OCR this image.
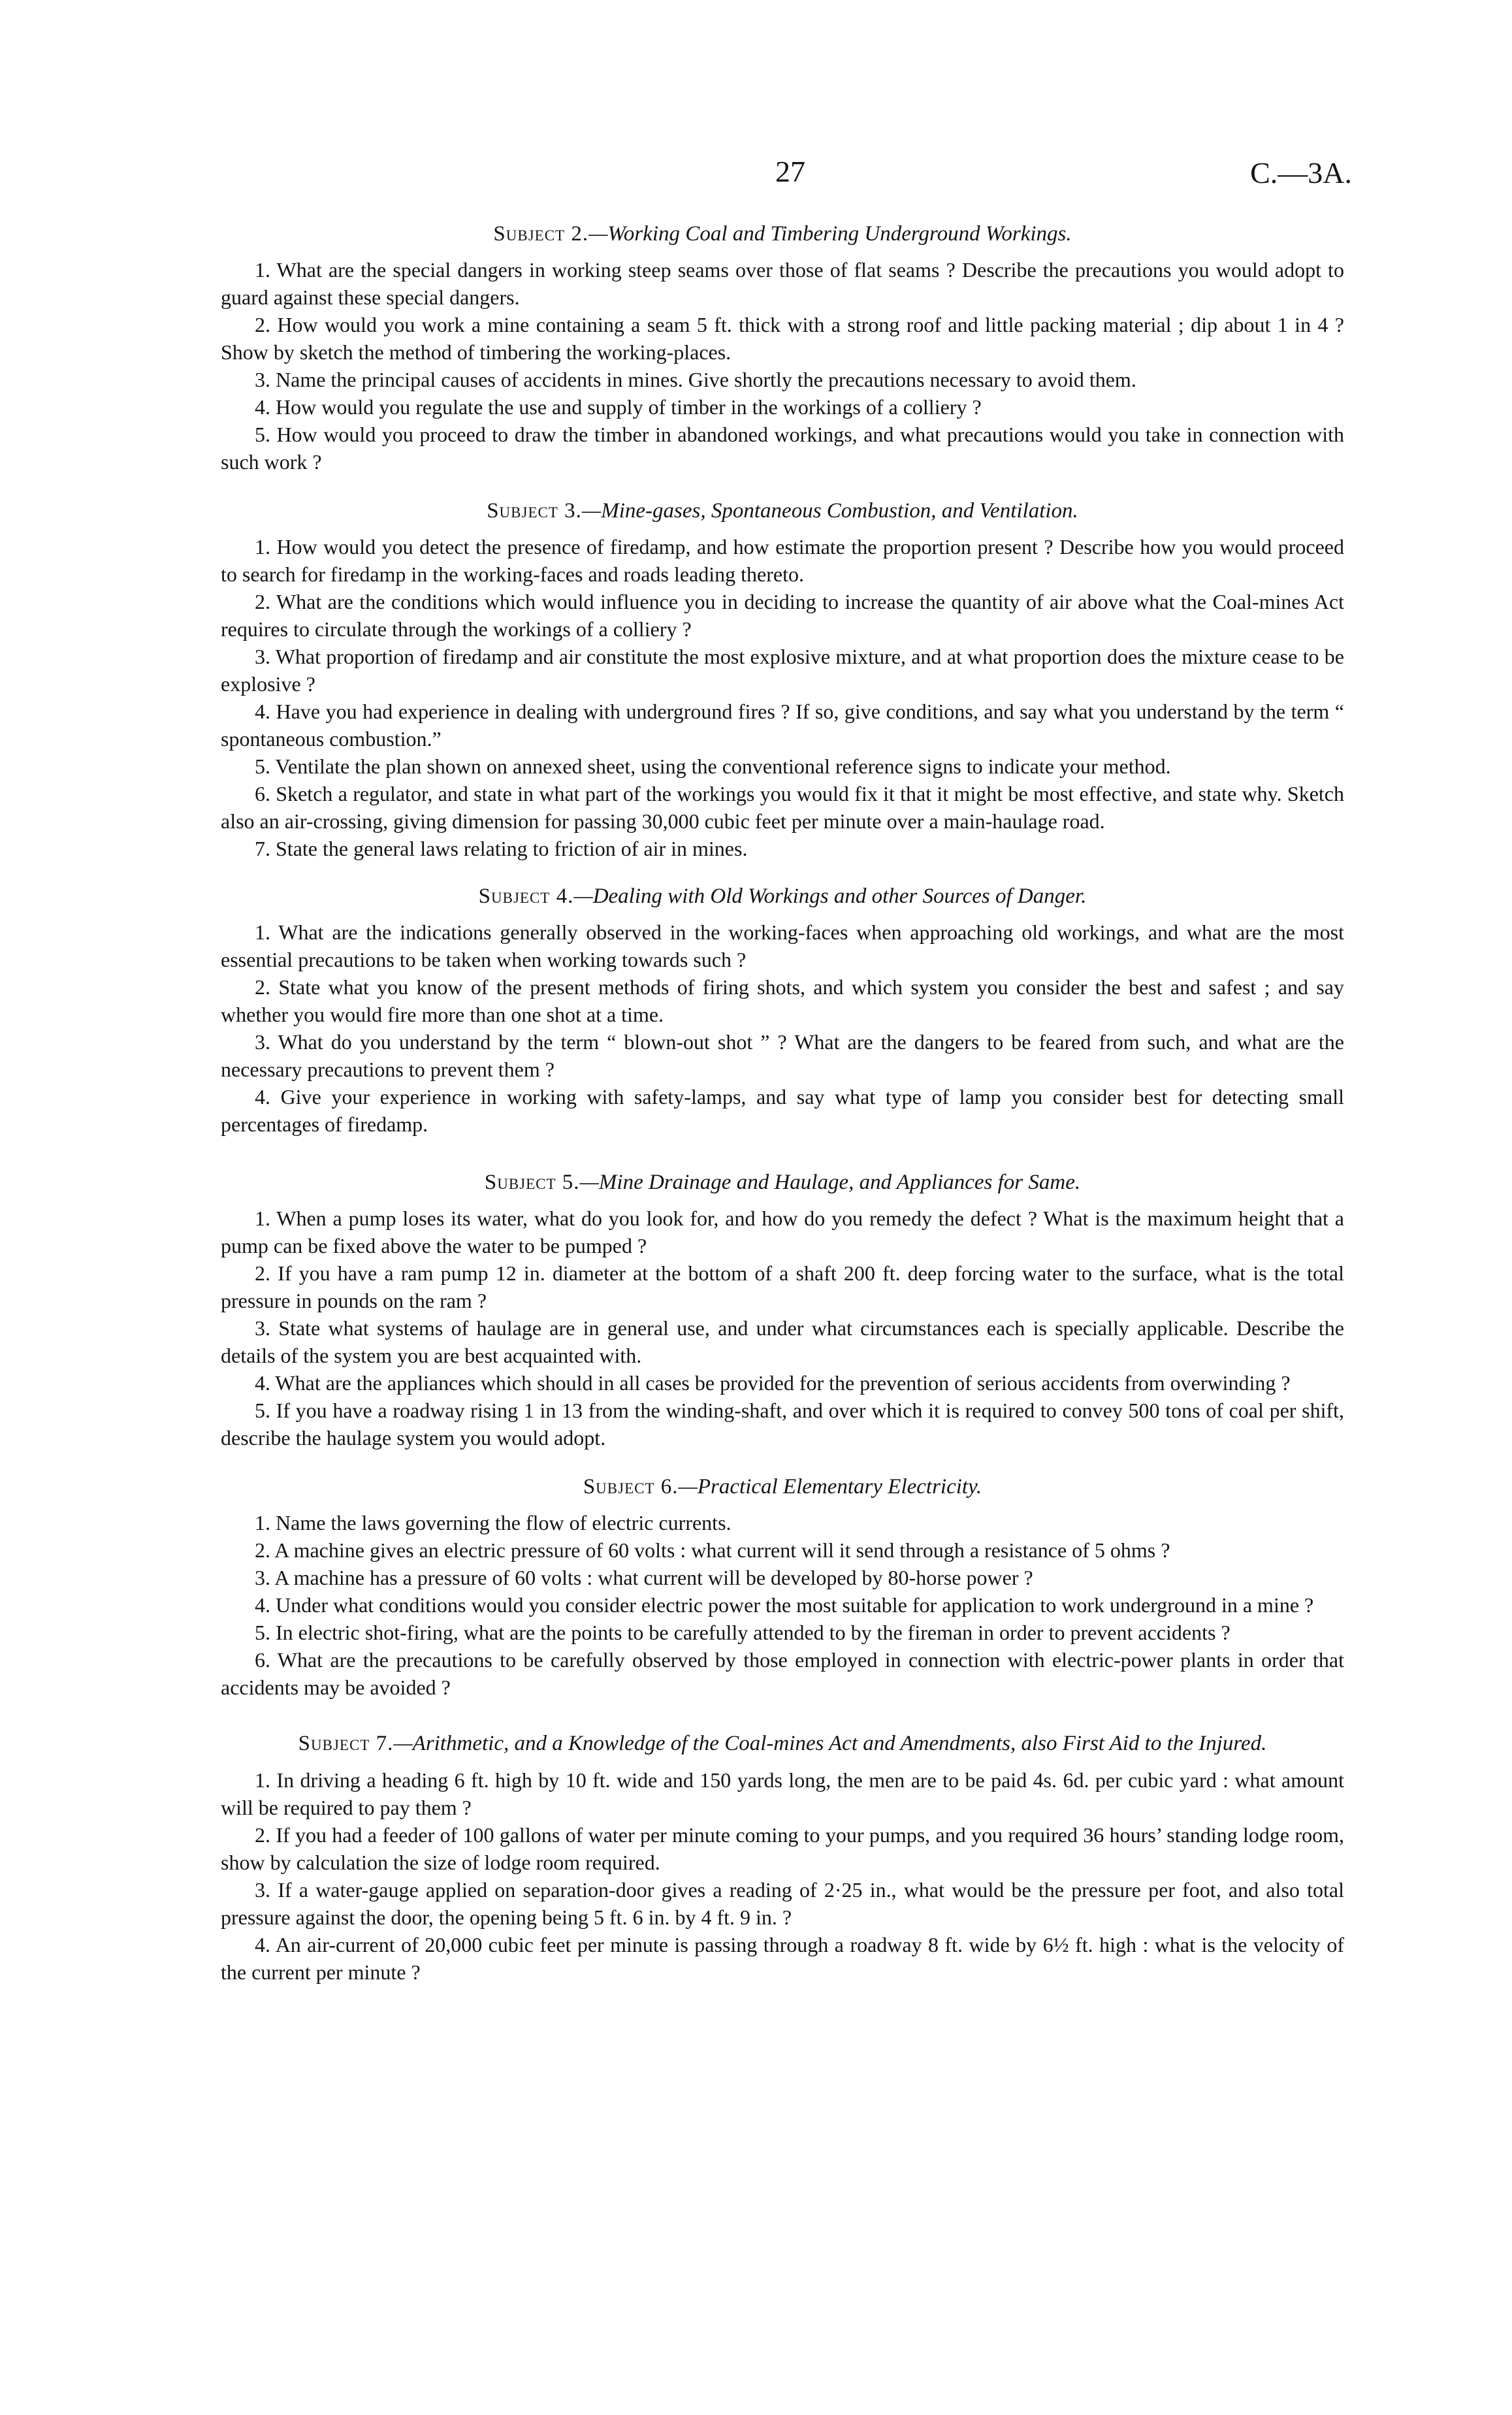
27	C.—3A.
Subject 2.—Working Coal and Timbering Underground Workings.

1. What are the special dangers in working steep seams over those of flat seams ? Describe the precautions you would adopt to guard against these special dangers.

2. How would you work a mine containing a seam 5 ft. thick with a strong roof and little packing material ; dip about 1 in 4 ? Show by sketch the method of timbering the working-places.

3. Name the principal causes of accidents in mines. Give shortly the precautions necessary to avoid them.

4. How would you regulate the use and supply of timber in the workings of a colliery ?

5. How would you proceed to draw the timber in abandoned workings, and what precautions would you take in connection with such work ?

Subject 3.—Mine-gases, Spontaneous Combustion, and Ventilation.

1. How would you detect the presence of firedamp, and how estimate the proportion present ? Describe how you would proceed to search for firedamp in the working-faces and roads leading thereto.

2. What are the conditions which would influence you in deciding to increase the quantity of air above what the Coal-mines Act requires to circulate through the workings of a colliery ?

3. What proportion of firedamp and air constitute the most explosive mixture, and at what proportion does the mixture cease to be explosive ?

4. Have you had experience in dealing with underground fires ? If so, give conditions, and say what you understand by the term “ spontaneous combustion.”

5. Ventilate the plan shown on annexed sheet, using the conventional reference signs to indicate your method.

6. Sketch a regulator, and state in what part of the workings you would fix it that it might be most effective, and state why. Sketch also an air-crossing, giving dimension for passing 30,000 cubic feet per minute over a main-haulage road.

7. State the general laws relating to friction of air in mines.

Subject 4.—Dealing with Old Workings and other Sources of Danger.

1. What are the indications generally observed in the working-faces when approaching old workings, and what are the most essential precautions to be taken when working towards such ?

2. State what you know of the present methods of firing shots, and which system you consider the best and safest ; and say whether you would fire more than one shot at a time.

3. What do you understand by the term “ blown-out shot ” ? What are the dangers to be feared from such, and what are the necessary precautions to prevent them ?

4. Give your experience in working with safety-lamps, and say what type of lamp you consider best for detecting small percentages of firedamp.

Subject 5.—Mine Drainage and Haulage, and Appliances for Same.

1. When a pump loses its water, what do you look for, and how do you remedy the defect ? What is the maximum height that a pump can be fixed above the water to be pumped ?

2. If you have a ram pump 12 in. diameter at the bottom of a shaft 200 ft. deep forcing water to the surface, what is the total pressure in pounds on the ram ?

3. State what systems of haulage are in general use, and under what circumstances each is specially applicable. Describe the details of the system you are best acquainted with.

4. What are the appliances which should in all cases be provided for the prevention of serious accidents from overwinding ?

5. If you have a roadway rising 1 in 13 from the winding-shaft, and over which it is required to convey 500 tons of coal per shift, describe the haulage system you would adopt.

Subject 6.—Practical Elementary Electricity.

1. Name the laws governing the flow of electric currents.

2. A machine gives an electric pressure of 60 volts : what current will it send through a resistance of 5 ohms ?

3. A machine has a pressure of 60 volts : what current will be developed by 80-horse power ?

4. Under what conditions would you consider electric power the most suitable for application to work underground in a mine ?

5. In electric shot-firing, what are the points to be carefully attended to by the fireman in order to prevent accidents ?

6. What are the precautions to be carefully observed by those employed in connection with electric-power plants in order that accidents may be avoided ?

Subject 7.—Arithmetic, and a Knowledge of the Coal-mines Act and Amendments, also First Aid to the Injured.

1. In driving a heading 6 ft. high by 10 ft. wide and 150 yards long, the men are to be paid 4s. 6d. per cubic yard : what amount will be required to pay them ?

2. If you had a feeder of 100 gallons of water per minute coming to your pumps, and you required 36 hours’ standing lodge room, show by calculation the size of lodge room required.

3. If a water-gauge applied on separation-door gives a reading of 2·25 in., what would be the pressure per foot, and also total pressure against the door, the opening being 5 ft. 6 in. by 4 ft. 9 in. ?

4. An air-current of 20,000 cubic feet per minute is passing through a roadway 8 ft. wide by 6½ ft. high : what is the velocity of the current per minute ?
